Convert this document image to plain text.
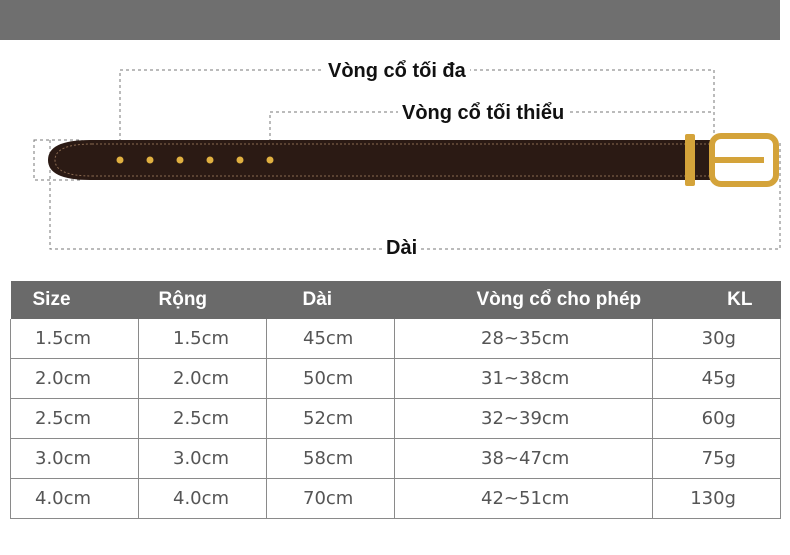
Vòng cổ tối đa
Vòng cổ tối thiểu
Dài
Size	Rộng	Dài	Vòng cổ cho phép	KL
1.5cm	1.5cm	45cm	28~35cm	30g
2.0cm	2.0cm	50cm	31~38cm	45g
2.5cm	2.5cm	52cm	32~39cm	60g
3.0cm	3.0cm	58cm	38~47cm	75g
4.0cm	4.0cm	70cm	42~51cm	130g
